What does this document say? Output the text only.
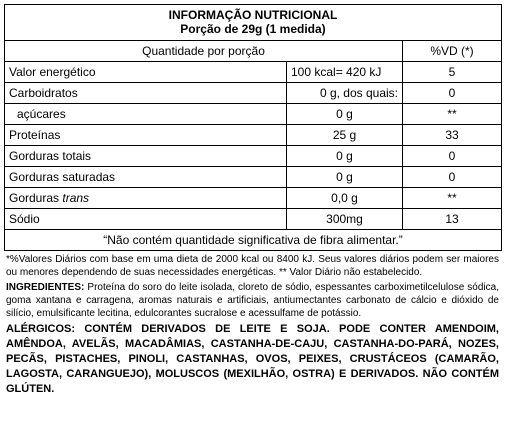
INFORMAÇÃO NUTRICIONAL
Porção de 29g (1 medida)		

Quantidade por porção		%VD (*)
Valor energético	100 kcal= 420 kJ	5
Carboidratos	0 g, dos quais:	0
açúcares	0 g	**
Proteínas	25 g	33
Gorduras totais	0 g	0
Gorduras saturadas	0 g	0
Gorduras trans	0,0 g	**
Sódio	300mg	13
“Não contém quantidade significativa de fibra alimentar.”		
*%Valores Diários com base em uma dieta de 2000 kcal ou 8400 kJ. Seus valores diários podem ser maiores ou menores dependendo de suas necessidades energéticas. ** Valor Diário não estabelecido.
INGREDIENTES: Proteína do soro do leite isolada, cloreto de sódio, espessantes carboximetilcelulose sódica, goma xantana e carragena, aromas naturais e artificiais, antiumectantes carbonato de cálcio e dióxido de silício, emulsificante lecitina, edulcorantes sucralose e acessulfame de potássio.
ALÉRGICOS: CONTÉM DERIVADOS DE LEITE E SOJA. PODE CONTER AMENDOIM, AMÊNDOA, AVELÃS, MACADÂMIAS, CASTANHA-DE-CAJU, CASTANHA-DO-PARÁ, NOZES, PECÃS, PISTACHES, PINOLI, CASTANHAS, OVOS, PEIXES, CRUSTÁCEOS (CAMARÃO, LAGOSTA, CARANGUEJO), MOLUSCOS (MEXILHÃO, OSTRA) E DERIVADOS. NÃO CONTÉM GLÚTEN.
